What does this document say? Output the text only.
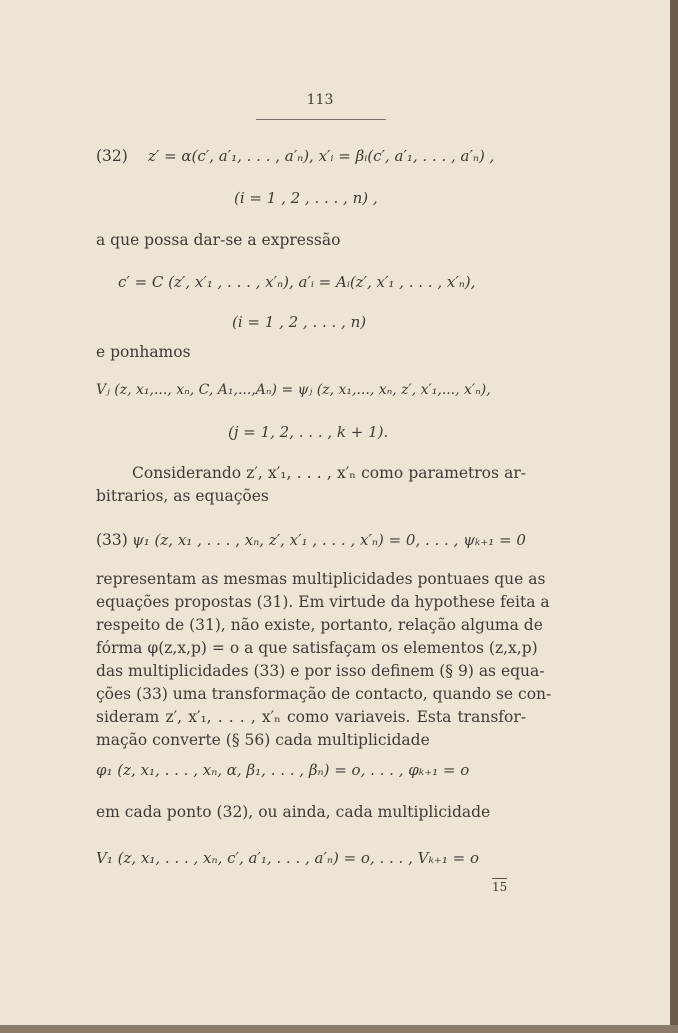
113
(32) z′ = α(c′, a′₁, . . . , a′ₙ), x′ᵢ = βᵢ(c′, a′₁, . . . , a′ₙ) ,
(i = 1 , 2 , . . . , n) ,
a que possa dar-se a expressão
c′ = C (z′, x′₁ , . . . , x′ₙ), a′ᵢ = Aᵢ(z′, x′₁ , . . . , x′ₙ),
(i = 1 , 2 , . . . , n)
e ponhamos
Vⱼ (z, x₁,..., xₙ, C, A₁,...,Aₙ) = ψⱼ (z, x₁,..., xₙ, z′, x′₁,..., x′ₙ),
(j = 1, 2, . . . , k + 1).
Considerando z′, x′₁, . . . , x′ₙ como parametros ar-
bitrarios, as equações
(33) ψ₁ (z, x₁ , . . . , xₙ, z′, x′₁ , . . . , x′ₙ) = 0, . . . , ψₖ₊₁ = 0
representam as mesmas multiplicidades pontuaes que as
equações propostas (31). Em virtude da hypothese feita a
respeito de (31), não existe, portanto, relação alguma de
fórma φ(z,x,p) = o a que satisfaçam os elementos (z,x,p)
das multiplicidades (33) e por isso definem (§ 9) as equa-
ções (33) uma transformação de contacto, quando se con-
sideram z′, x′₁, . . . , x′ₙ como variaveis. Esta transfor-
mação converte (§ 56) cada multiplicidade
φ₁ (z, x₁, . . . , xₙ, α, β₁, . . . , βₙ) = o, . . . , φₖ₊₁ = o
em cada ponto (32), ou ainda, cada multiplicidade
V₁ (z, x₁, . . . , xₙ, c′, a′₁, . . . , a′ₙ) = o, . . . , Vₖ₊₁ = o
15
